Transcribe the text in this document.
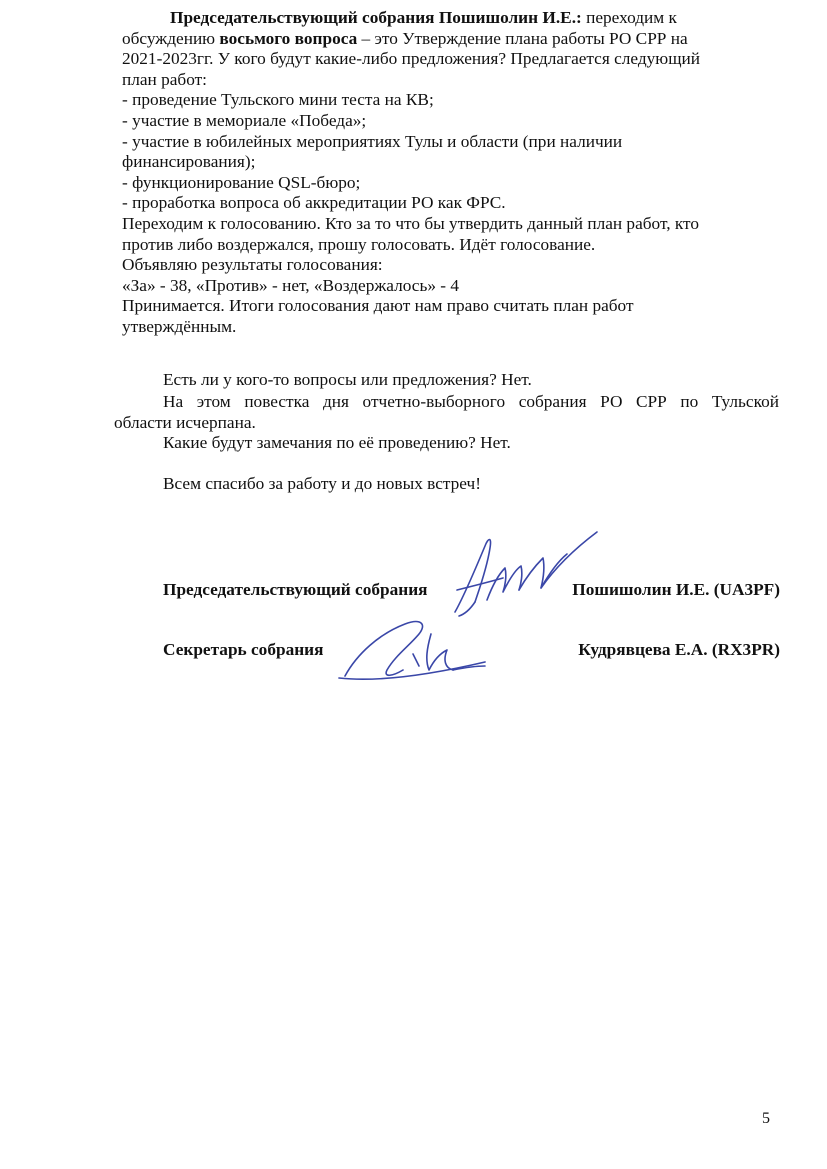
Председательствующий собрания Пошишолин И.Е.: переходим к
обсуждению восьмого вопроса – это Утверждение плана работы РО СРР на
2021-2023гг. У кого будут какие-либо предложения? Предлагается следующий
план работ:
- проведение Тульского мини теста на КВ;
- участие в мемориале «Победа»;
- участие в юбилейных мероприятиях Тулы и области (при наличии
финансирования);
- функционирование QSL-бюро;
- проработка вопроса об аккредитации РО как ФРС.
Переходим к голосованию. Кто за то что бы утвердить данный план работ, кто
против либо воздержался, прошу голосовать. Идёт голосование.
Объявляю результаты голосования:
«За» - 38, «Против» - нет, «Воздержалось» - 4
Принимается. Итоги голосования дают нам право считать план работ
утверждённым.
Есть ли у кого-то вопросы или предложения? Нет.
На этом повестка дня отчетно-выборного собрания РО СРР по Тульской
области исчерпана.
Какие будут замечания по её проведению? Нет.
Всем спасибо за работу и до новых встреч!
Председательствующий собрания	Пошишолин И.Е. (UA3PF)
Секретарь собрания	Кудрявцева Е.А. (RX3PR)
5
